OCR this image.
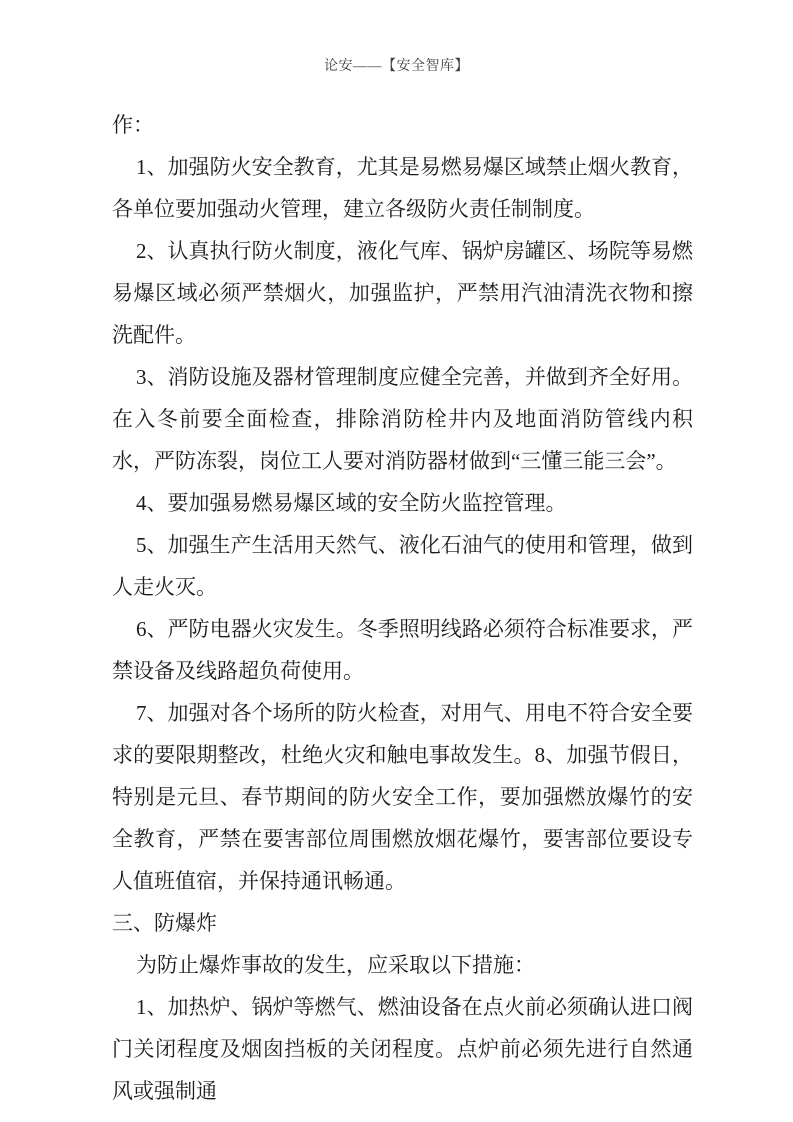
论安——【安全智库】

作：

1、加强防火安全教育，尤其是易燃易爆区域禁止烟火教育，各单位要加强动火管理，建立各级防火责任制制度。

2、认真执行防火制度，液化气库、锅炉房罐区、场院等易燃易爆区域必须严禁烟火，加强监护，严禁用汽油清洗衣物和擦洗配件。

3、消防设施及器材管理制度应健全完善，并做到齐全好用。在入冬前要全面检查，排除消防栓井内及地面消防管线内积水，严防冻裂，岗位工人要对消防器材做到“三懂三能三会”。

4、要加强易燃易爆区域的安全防火监控管理。

5、加强生产生活用天然气、液化石油气的使用和管理，做到人走火灭。

6、严防电器火灾发生。冬季照明线路必须符合标准要求，严禁设备及线路超负荷使用。

7、加强对各个场所的防火检查，对用气、用电不符合安全要求的要限期整改，杜绝火灾和触电事故发生。8、加强节假日，特别是元旦、春节期间的防火安全工作，要加强燃放爆竹的安全教育，严禁在要害部位周围燃放烟花爆竹，要害部位要设专人值班值宿，并保持通讯畅通。

三、防爆炸

为防止爆炸事故的发生，应采取以下措施：

1、加热炉、锅炉等燃气、燃油设备在点火前必须确认进口阀门关闭程度及烟囱挡板的关闭程度。点炉前必须先进行自然通风或强制通
